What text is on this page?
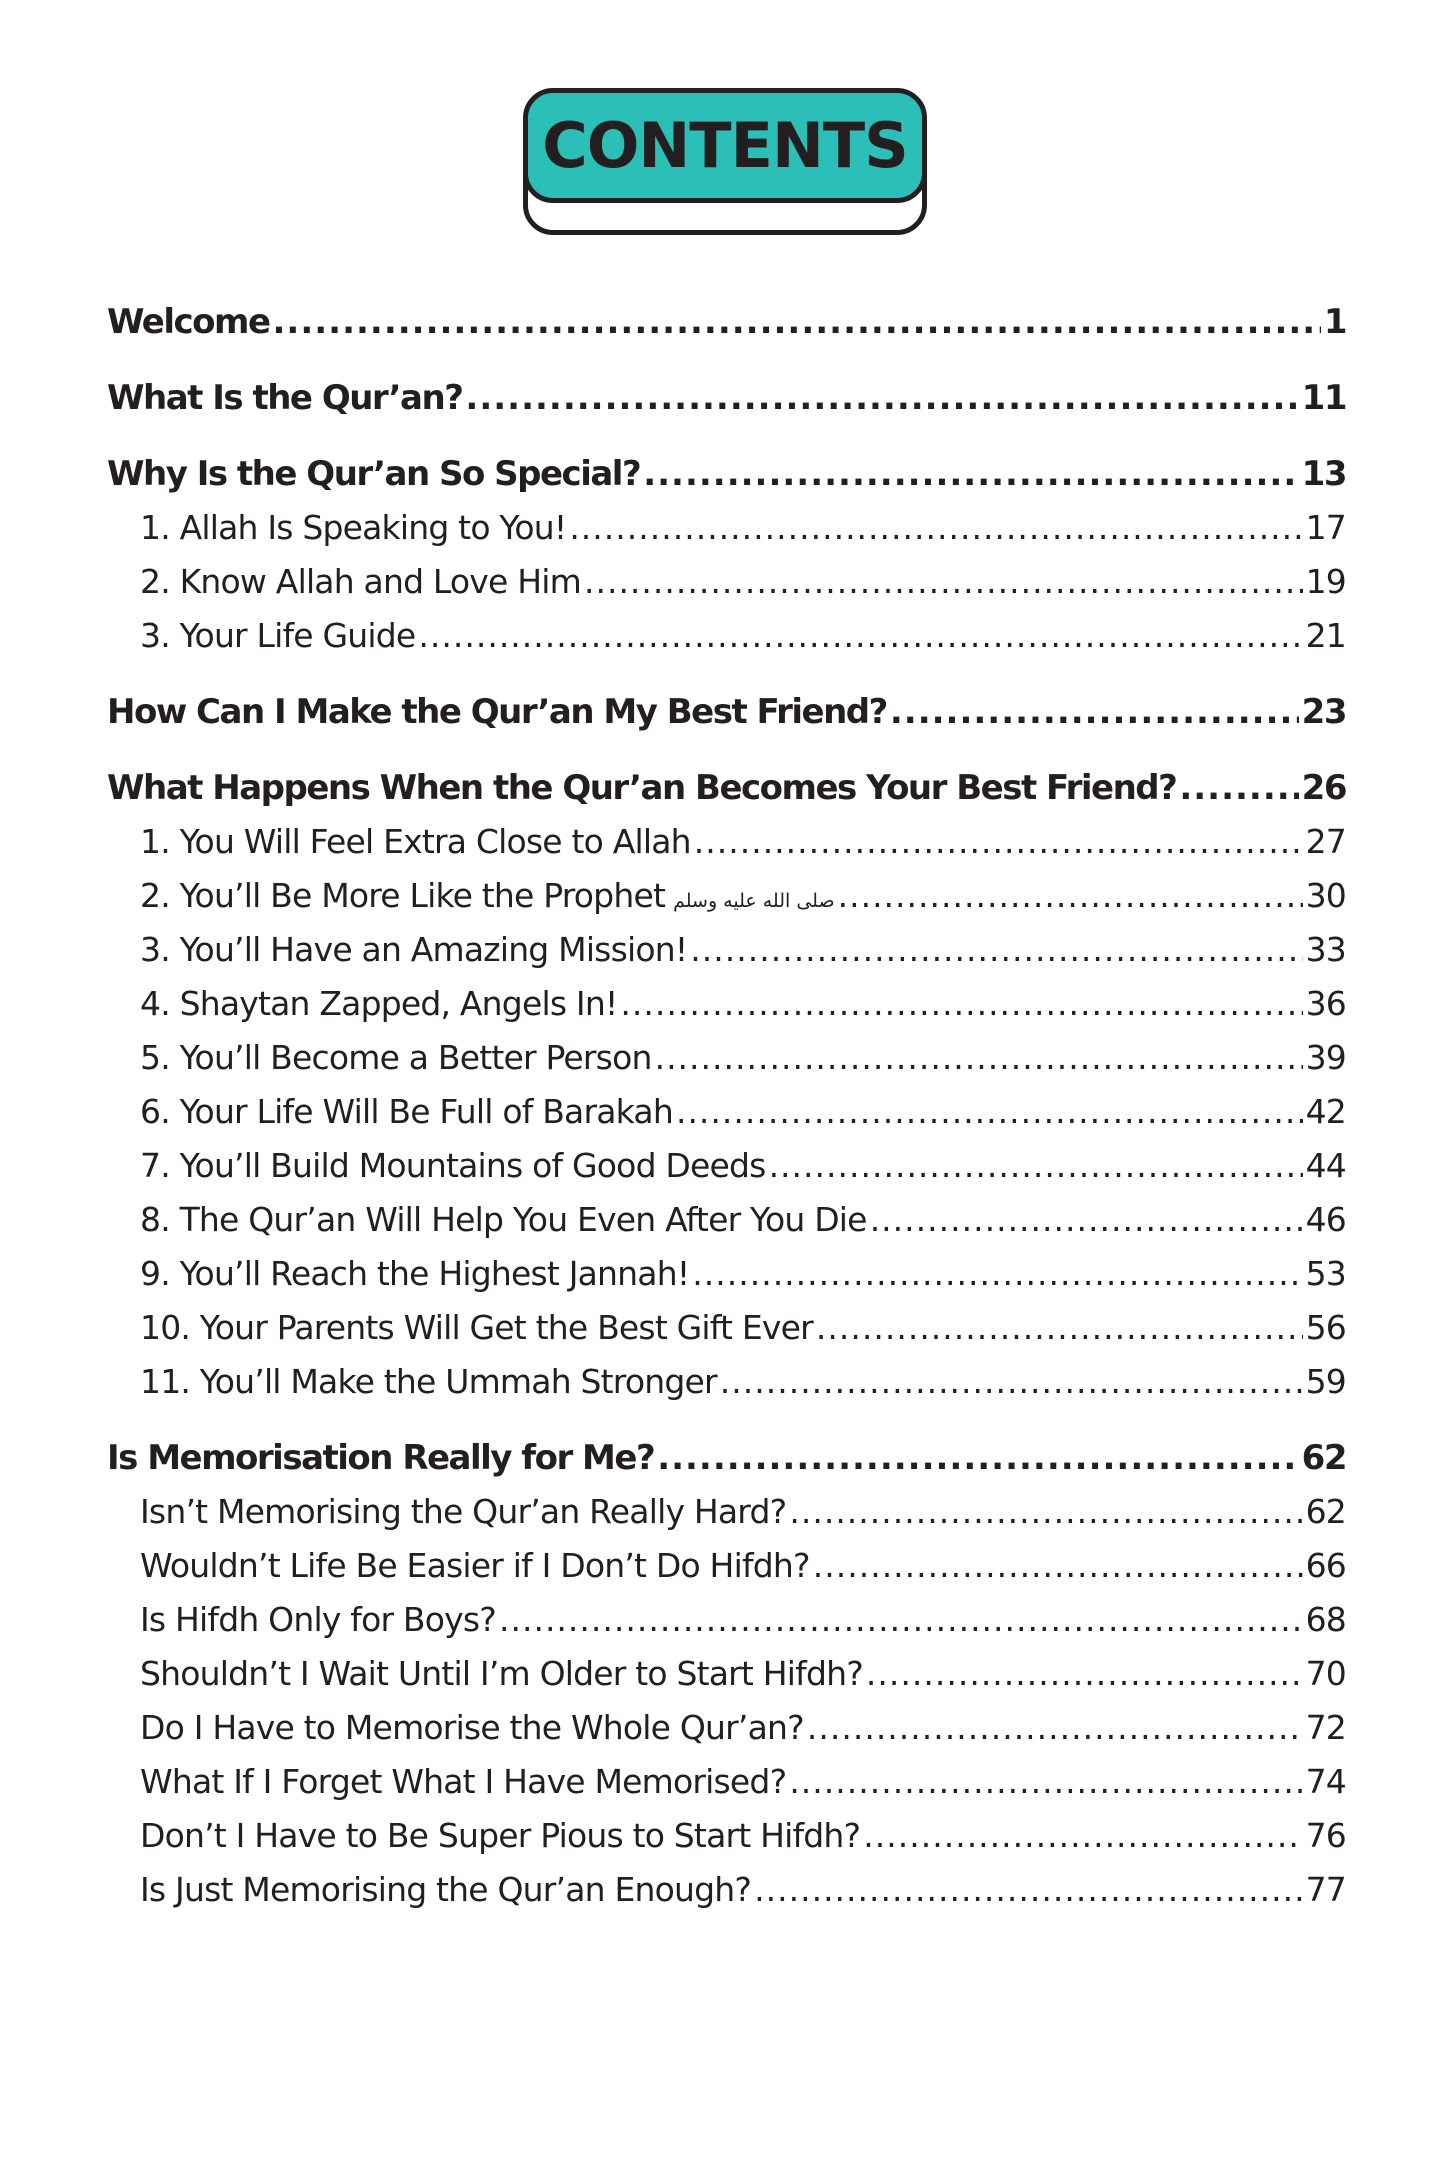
CONTENTS
Welcome .....	1
What Is the Qur’an? .....	11
Why Is the Qur’an So Special? .....	13
1. Allah Is Speaking to You! .....	17
2. Know Allah and Love Him .....	19
3. Your Life Guide .....	21
How Can I Make the Qur’an My Best Friend? .....	23
What Happens When the Qur’an Becomes Your Best Friend? .....	26
1. You Will Feel Extra Close to Allah .....	27
2. You’ll Be More Like the Prophet صلى الله عليه وسلم .....	30
3. You’ll Have an Amazing Mission! .....	33
4. Shaytan Zapped, Angels In! .....	36
5. You’ll Become a Better Person .....	39
6. Your Life Will Be Full of Barakah .....	42
7. You’ll Build Mountains of Good Deeds .....	44
8. The Qur’an Will Help You Even After You Die .....	46
9. You’ll Reach the Highest Jannah! .....	53
10. Your Parents Will Get the Best Gift Ever .....	56
11. You’ll Make the Ummah Stronger .....	59
Is Memorisation Really for Me? .....	62
Isn’t Memorising the Qur’an Really Hard? .....	62
Wouldn’t Life Be Easier if I Don’t Do Hifdh? .....	66
Is Hifdh Only for Boys? .....	68
Shouldn’t I Wait Until I’m Older to Start Hifdh? .....	70
Do I Have to Memorise the Whole Qur’an? .....	72
What If I Forget What I Have Memorised? .....	74
Don’t I Have to Be Super Pious to Start Hifdh? .....	76
Is Just Memorising the Qur’an Enough? .....	77
